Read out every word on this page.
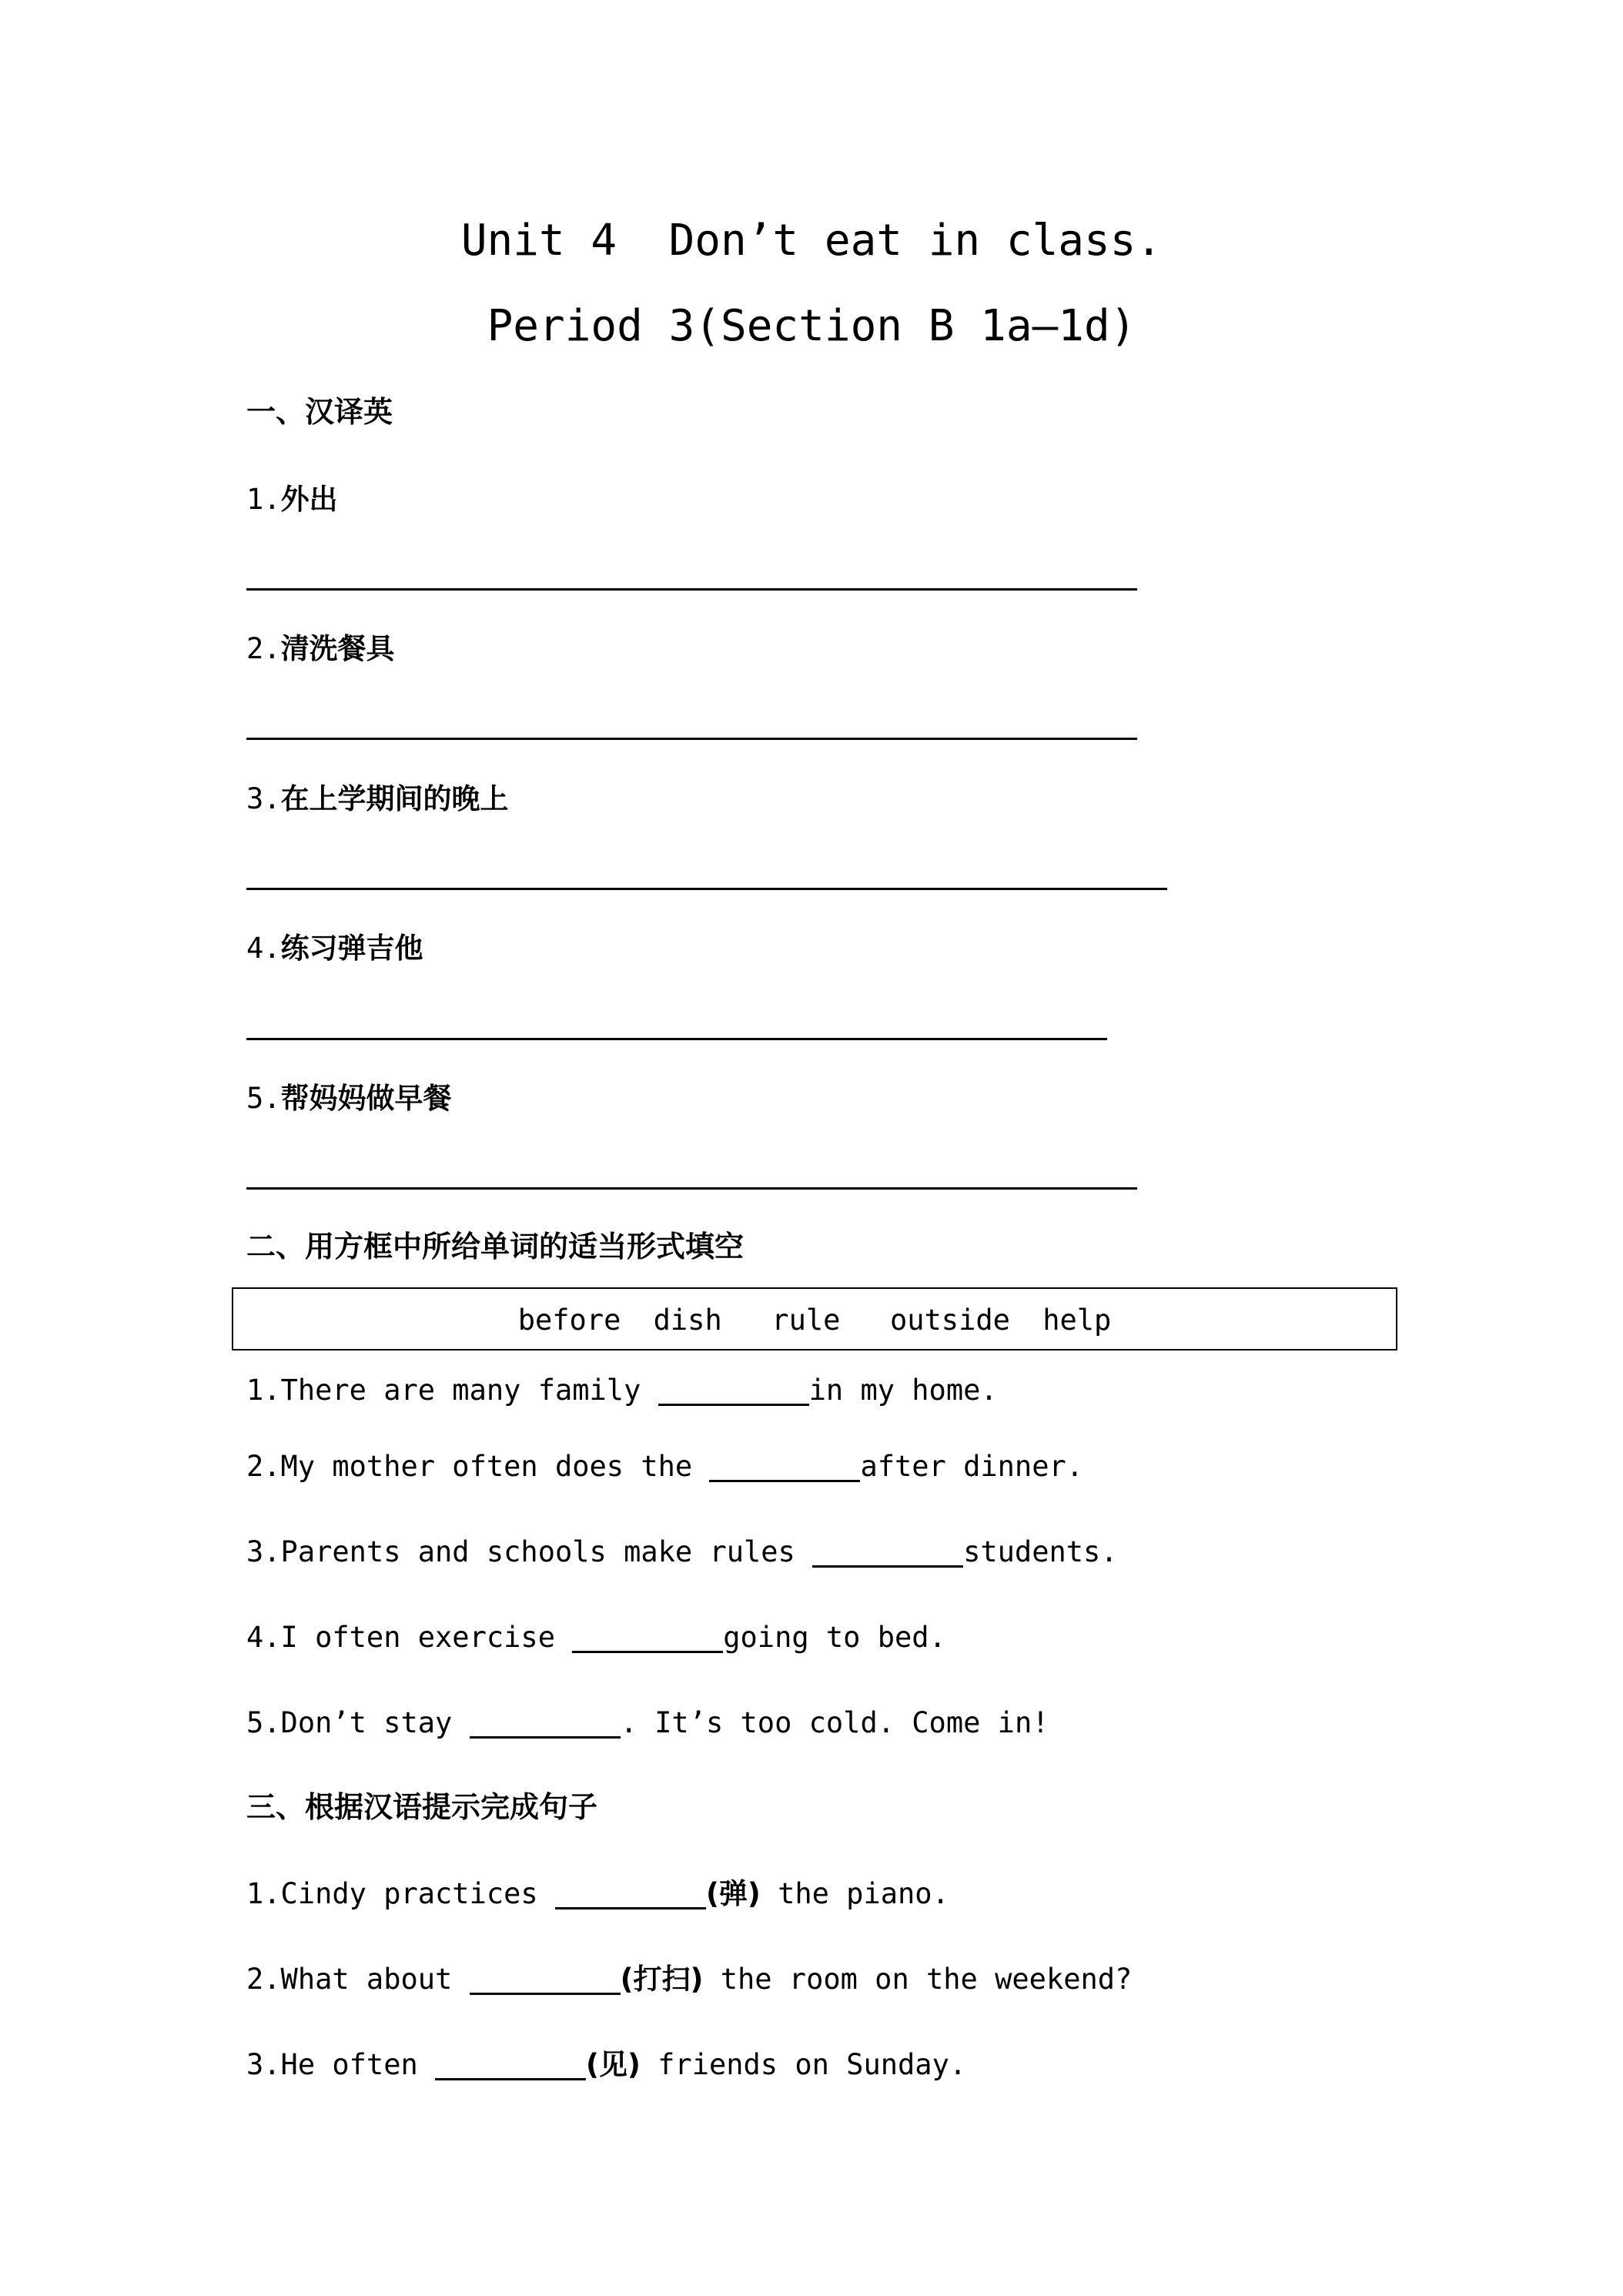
Unit 4  Don’t eat in class.
Period 3(Section B 1a—1d)
一、汉译英
1.外出
2.清洗餐具
3.在上学期间的晚上
4.练习弹吉他
5.帮妈妈做早餐
二、用方框中所给单词的适当形式填空
before dish rule outside help
1.There are many family	in my home.
2.My mother often does the	after dinner.
3.Parents and schools make rules	students.
4.I often exercise	going to bed.
5.Don’t stay	. It’s too cold. Come in!
三、根据汉语提示完成句子
1.Cindy practices	(弹) the piano.
2.What about	(打扫) the room on the weekend?
3.He often	(见) friends on Sunday.
